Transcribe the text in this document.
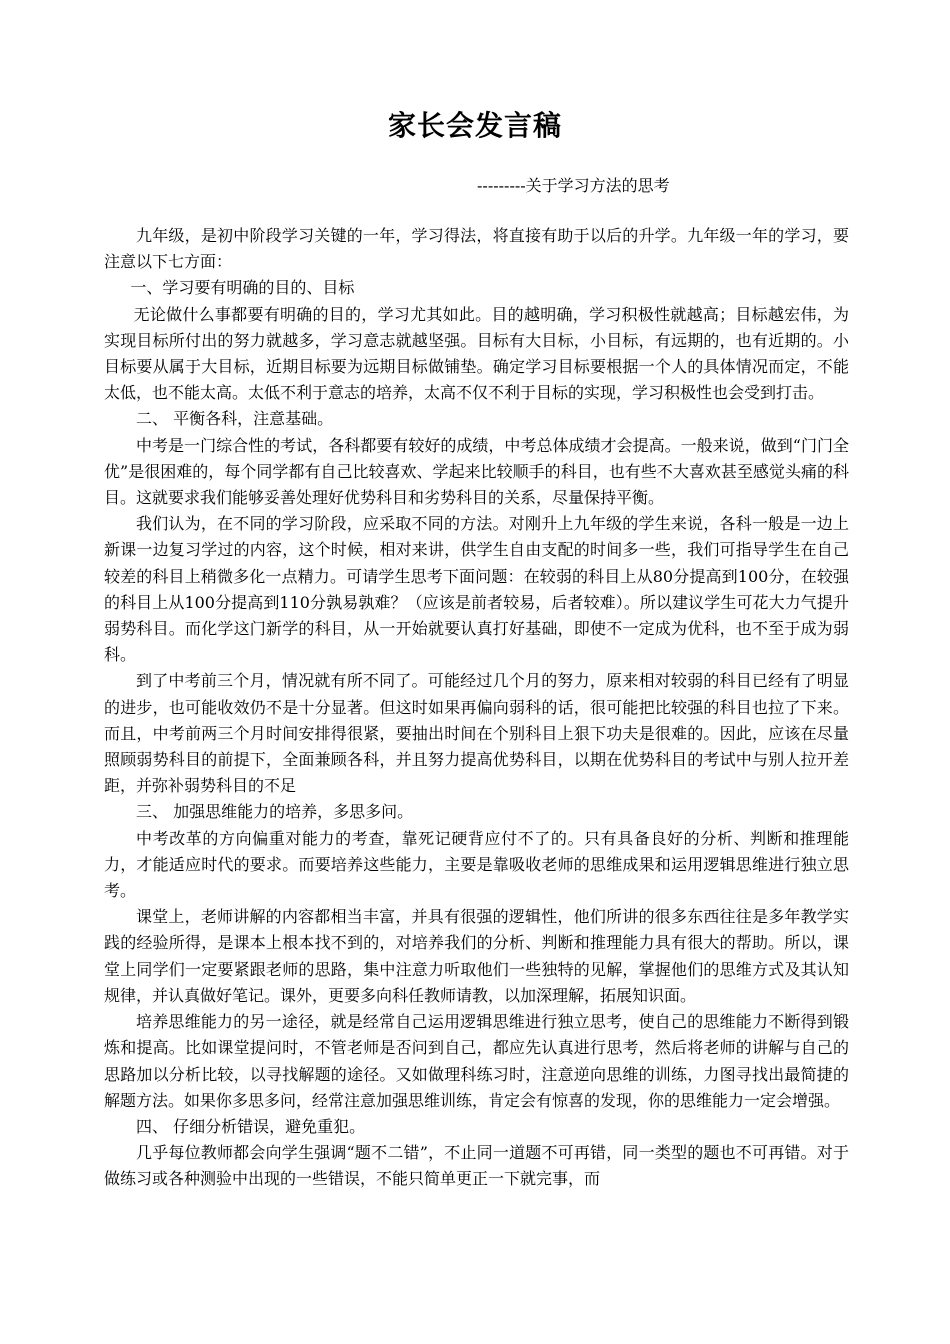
家长会发言稿
---------关于学习方法的思考

九年级，是初中阶段学习关键的一年，学习得法，将直接有助于以后的升学。九年级一年的学习，要注意以下七方面：

一、学习要有明确的目的、目标

无论做什么事都要有明确的目的，学习尤其如此。目的越明确，学习积极性就越高；目标越宏伟，为实现目标所付出的努力就越多，学习意志就越坚强。目标有大目标，小目标，有远期的，也有近期的。小目标要从属于大目标，近期目标要为远期目标做铺垫。确定学习目标要根据一个人的具体情况而定，不能太低，也不能太高。太低不利于意志的培养，太高不仅不利于目标的实现，学习积极性也会受到打击。

二、 平衡各科，注意基础。

中考是一门综合性的考试，各科都要有较好的成绩，中考总体成绩才会提高。一般来说，做到“门门全优”是很困难的，每个同学都有自己比较喜欢、学起来比较顺手的科目，也有些不大喜欢甚至感觉头痛的科目。这就要求我们能够妥善处理好优势科目和劣势科目的关系，尽量保持平衡。

我们认为，在不同的学习阶段，应采取不同的方法。对刚升上九年级的学生来说，各科一般是一边上新课一边复习学过的内容，这个时候，相对来讲，供学生自由支配的时间多一些，我们可指导学生在自己较差的科目上稍微多化一点精力。可请学生思考下面问题：在较弱的科目上从80分提高到100分，在较强的科目上从100分提高到110分孰易孰难？（应该是前者较易，后者较难）。所以建议学生可花大力气提升弱势科目。而化学这门新学的科目，从一开始就要认真打好基础，即使不一定成为优科，也不至于成为弱科。

到了中考前三个月，情况就有所不同了。可能经过几个月的努力，原来相对较弱的科目已经有了明显的进步，也可能收效仍不是十分显著。但这时如果再偏向弱科的话，很可能把比较强的科目也拉了下来。而且，中考前两三个月时间安排得很紧，要抽出时间在个别科目上狠下功夫是很难的。因此，应该在尽量照顾弱势科目的前提下，全面兼顾各科，并且努力提高优势科目，以期在优势科目的考试中与别人拉开差距，并弥补弱势科目的不足

三、 加强思维能力的培养，多思多问。

中考改革的方向偏重对能力的考查，靠死记硬背应付不了的。只有具备良好的分析、判断和推理能力，才能适应时代的要求。而要培养这些能力，主要是靠吸收老师的思维成果和运用逻辑思维进行独立思考。

课堂上，老师讲解的内容都相当丰富，并具有很强的逻辑性，他们所讲的很多东西往往是多年教学实践的经验所得，是课本上根本找不到的，对培养我们的分析、判断和推理能力具有很大的帮助。所以，课堂上同学们一定要紧跟老师的思路，集中注意力听取他们一些独特的见解，掌握他们的思维方式及其认知规律，并认真做好笔记。课外，更要多向科任教师请教，以加深理解，拓展知识面。

培养思维能力的另一途径，就是经常自己运用逻辑思维进行独立思考，使自己的思维能力不断得到锻炼和提高。比如课堂提问时，不管老师是否问到自己，都应先认真进行思考，然后将老师的讲解与自己的思路加以分析比较，以寻找解题的途径。又如做理科练习时，注意逆向思维的训练，力图寻找出最简捷的解题方法。如果你多思多问，经常注意加强思维训练，肯定会有惊喜的发现，你的思维能力一定会增强。

四、 仔细分析错误，避免重犯。

几乎每位教师都会向学生强调“题不二错”，不止同一道题不可再错，同一类型的题也不可再错。对于做练习或各种测验中出现的一些错误，不能只简单更正一下就完事，而
